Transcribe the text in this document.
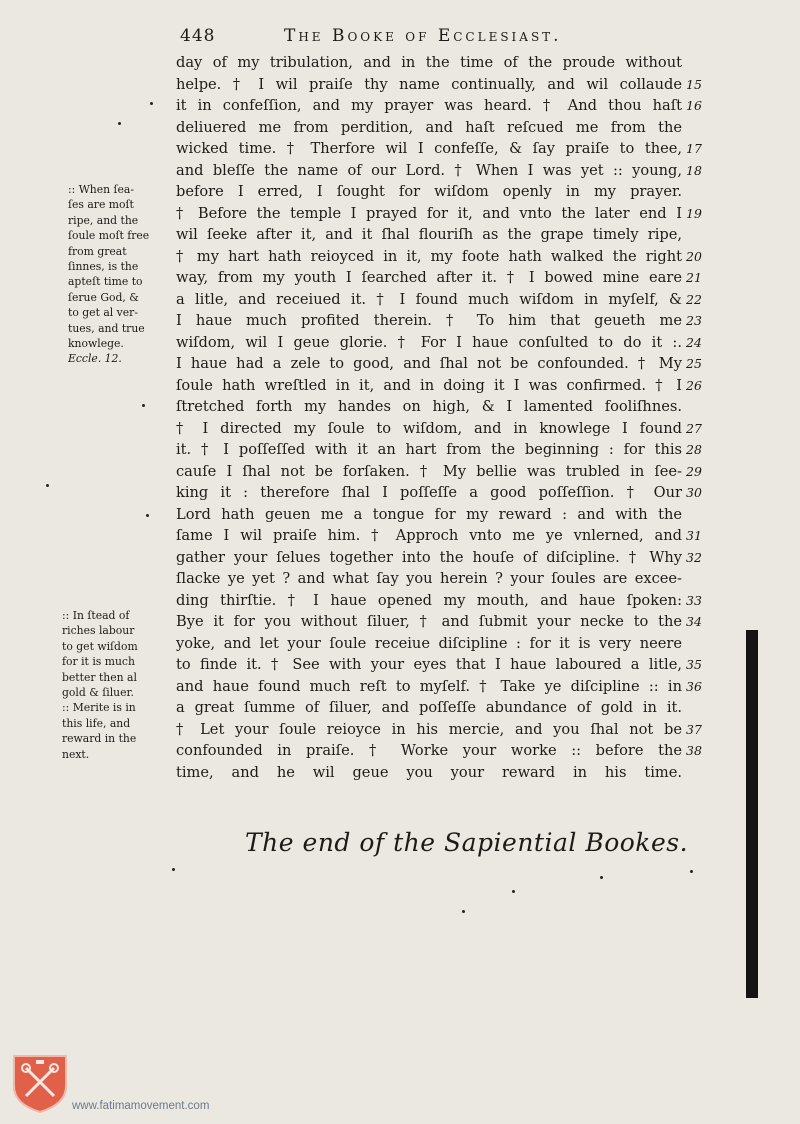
448	The Booke of Ecclesiast.
day of my tribulation, and in the time of the proude without
helpe. † I wil praiſe thy name continually, and wil collaude
it in confeſſion, and my prayer was heard. † And thou haſt
deliuered me from perdition, and haſt reſcued me from the
wicked time. † Therfore wil I confeſſe, & ſay praiſe to thee,
and bleſſe the name of our Lord. † When I was yet :: young,
before I erred, I ſought for wiſdom openly in my prayer.
† Before the temple I prayed for it, and vnto the later end I
wil ſeeke after it, and it ſhal flouriſh as the grape timely ripe,
† my hart hath reioyced in it, my foote hath walked the right
way, from my youth I ſearched after it. † I bowed mine eare
a litle, and receiued it. † I found much wiſdom in myſelf, &
I haue much profited therein. † To him that geueth me
wiſdom, wil I geue glorie. † For I haue conſulted to do it :.
I haue had a zele to good, and ſhal not be confounded. † My
ſoule hath wreſtled in it, and in doing it I was confirmed. † I
ſtretched forth my handes on high, & I lamented fooliſhnes.
† I directed my ſoule to wiſdom, and in knowlege I found
it. † I poſſeſſed with it an hart from the beginning : for this
cauſe I ſhal not be forſaken. † My bellie was trubled in ſee-
king it : therefore ſhal I poſſeſſe a good poſſeſſion. † Our
Lord hath geuen me a tongue for my reward : and with the
ſame I wil praiſe him. † Approch vnto me ye vnlerned, and
gather your ſelues together into the houſe of diſcipline. † Why
ſlacke ye yet ? and what ſay you herein ? your ſoules are excee-
ding thirſtie. † I haue opened my mouth, and haue ſpoken:
Bye it for you without ſiluer, † and ſubmit your necke to the
yoke, and let your ſoule receiue diſcipline : for it is very neere
to finde it. † See with your eyes that I haue laboured a litle,
and haue found much reſt to myſelf. † Take ye diſcipline :: in
a great ſumme of ſiluer, and poſſeſſe abundance of gold in it.
† Let your ſoule reioyce in his mercie, and you ſhal not be
confounded in praiſe. † Worke your worke :: before the
time, and he wil geue you your reward in his time.
15
16
17
18
19
20
21
22
23
24
25
26
27
28
29
30
31
32
33
34
35
36
37
38
:: When ſea-
ſes are moſt
ripe, and the
ſoule moſt free
from great
ſinnes, is the
apteſt time to
ſerue God, &
to get al ver-
tues, and true
knowlege.
Eccle. 12.
:: In ſtead of
riches labour
to get wiſdom
for it is much
better then al
gold & ſiluer.
:: Merite is in
this life, and
reward in the
next.
The end of the Sapiential Bookes.
www.fatimamovement.com
